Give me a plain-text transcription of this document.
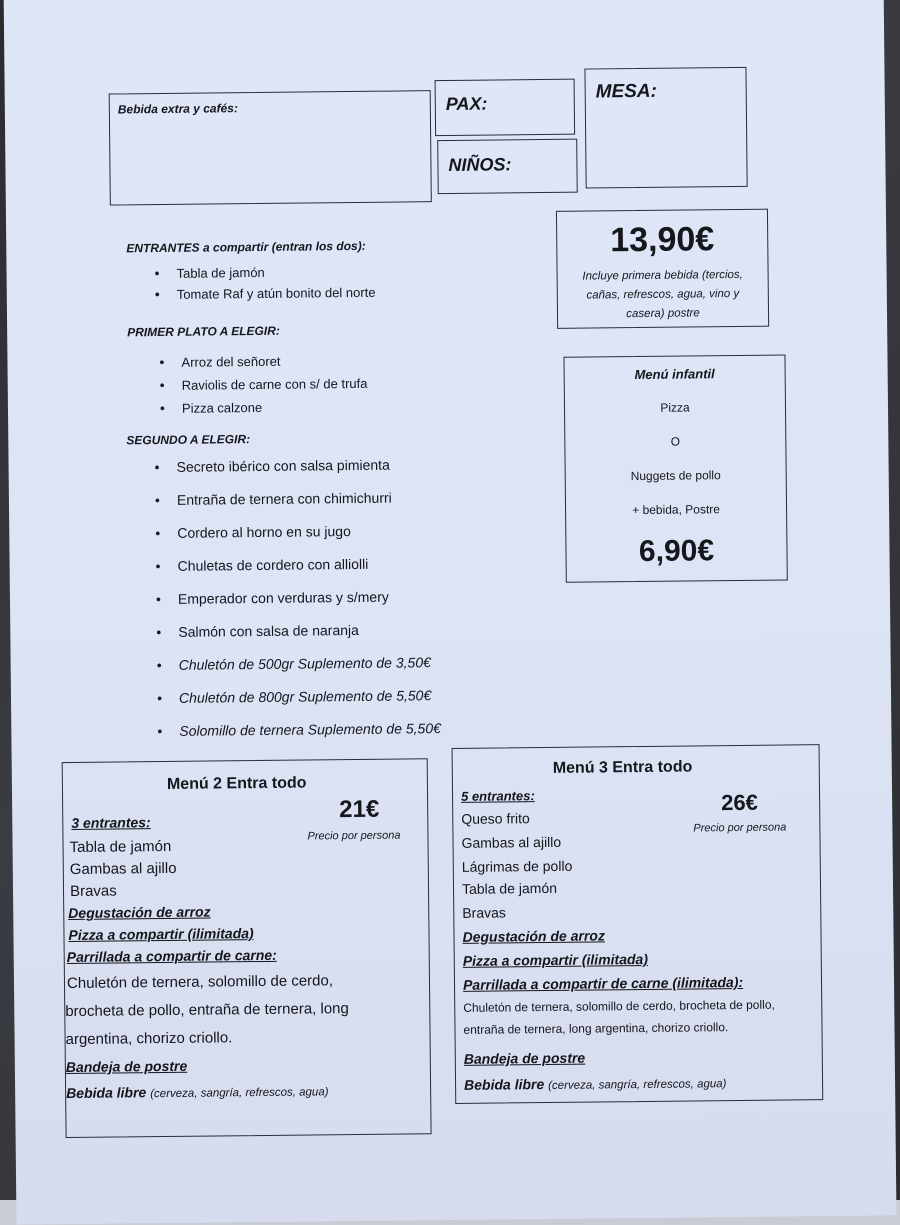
Bebida extra y cafés:	PAX:
NIÑOS:
MESA:
ENTRANTES a compartir (entran los dos):
• Tabla de jamón
• Tomate Raf y atún bonito del norte
PRIMER PLATO A ELEGIR:
• Arroz del señoret
• Raviolis de carne con s/ de trufa
• Pizza calzone
SEGUNDO A ELEGIR:
• Secreto ibérico con salsa pimienta
• Entraña de ternera con chimichurri
• Cordero al horno en su jugo
• Chuletas de cordero con alliolli
• Emperador con verduras y s/mery
• Salmón con salsa de naranja
• Chuletón de 500gr Suplemento de 3,50€
• Chuletón de 800gr Suplemento de 5,50€
• Solomillo de ternera Suplemento de 5,50€
13,90€
Incluye primera bebida (tercios, cañas, refrescos, agua, vino y casera) postre
Menú infantil
Pizza
O
Nuggets de pollo
+ bebida, Postre
6,90€
Menú 2 Entra todo
21€
Precio por persona
3 entrantes:
Tabla de jamón
Gambas al ajillo
Bravas
Degustación de arroz
Pizza a compartir (ilimitada)
Parrillada a compartir de carne:
Chuletón de ternera, solomillo de cerdo,
brocheta de pollo, entraña de ternera, long
argentina, chorizo criollo.
Bandeja de postre
Bebida libre (cerveza, sangría, refrescos, agua)
Menú 3 Entra todo
26€
Precio por persona
5 entrantes:
Queso frito
Gambas al ajillo
Lágrimas de pollo
Tabla de jamón
Bravas
Degustación de arroz
Pizza a compartir (ilimitada)
Parrillada a compartir de carne (ilimitada):
Chuletón de ternera, solomillo de cerdo, brocheta de pollo,
entraña de ternera, long argentina, chorizo criollo.
Bandeja de postre
Bebida libre (cerveza, sangría, refrescos, agua)
